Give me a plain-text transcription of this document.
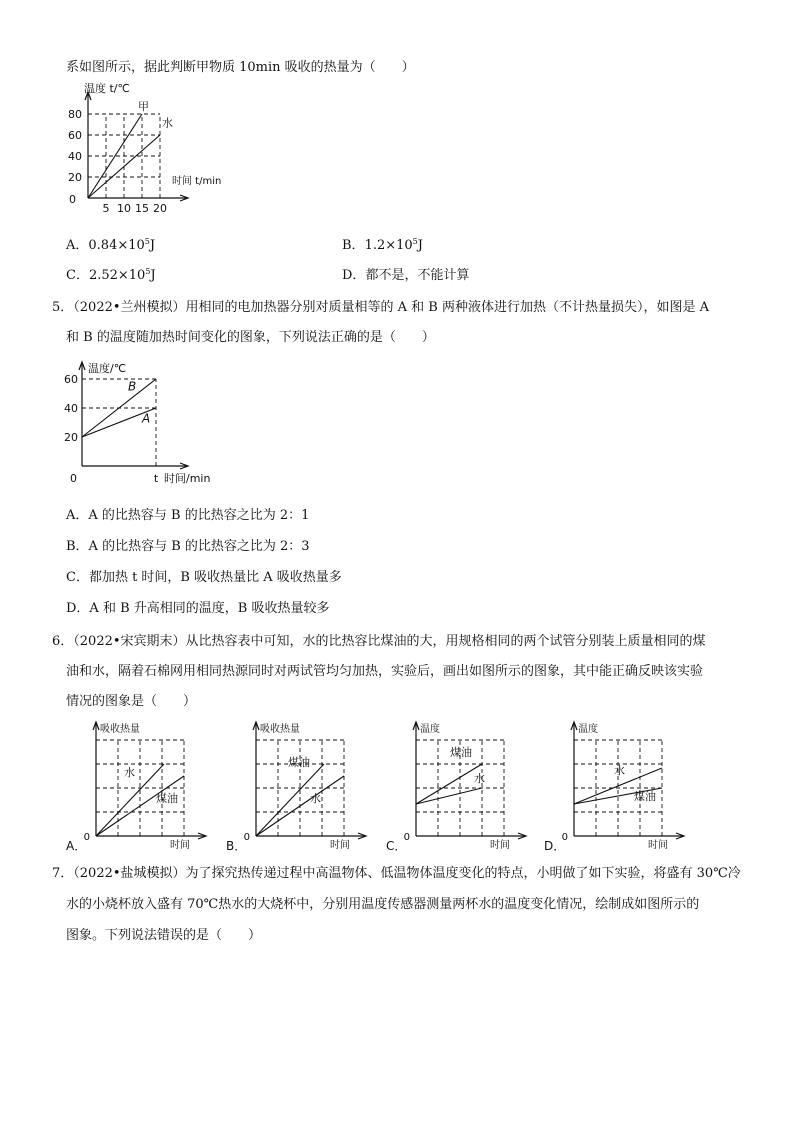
系如图所示，据此判断甲物质 10min 吸收的热量为（　　）
20
40
60
80
5 10 15 20
0
温度 t/℃
时间 t/min
甲
水
A．$0.84\times 10^5J$	B．$1.2\times 10^5J$
C．$2.52\times 10^5J$	D．都不是，不能计算
5．（2022•兰州模拟）用相同的电加热器分别对质量相等的 A 和 B 两种液体进行加热（不计热量损失），如图是 A
和 B 的温度随加热时间变化的图象，下列说法正确的是（　　）
20
40
60
0	t 时间/min
温度/℃
B
A
A．A 的比热容与 B 的比热容之比为 2：1
B．A 的比热容与 B 的比热容之比为 2：3
C．都加热 t 时间，B 吸收热量比 A 吸收热量多
D．A 和 B 升高相同的温度，B 吸收热量较多
6．（2022•宋宾期末）从比热容表中可知，水的比热容比煤油的大，用规格相同的两个试管分别装上质量相同的煤
油和水，隔着石棉网用相同热源同时对两试管均匀加热，实验后，画出如图所示的图象，其中能正确反映该实验
情况的图象是（　　）
吸收热量
时间
0
A．
水
煤油
吸收热量
时间
0
B．
煤油
水
温度
时间
0
C．
煤油
水
温度
时间
0
D．
水
煤油
7．（2022•盐城模拟）为了探究热传递过程中高温物体、低温物体温度变化的特点，小明做了如下实验，将盛有 30℃冷
水的小烧杯放入盛有 70℃热水的大烧杯中，分别用温度传感器测量两杯水的温度变化情况，绘制成如图所示的
图象。下列说法错误的是（　　）
